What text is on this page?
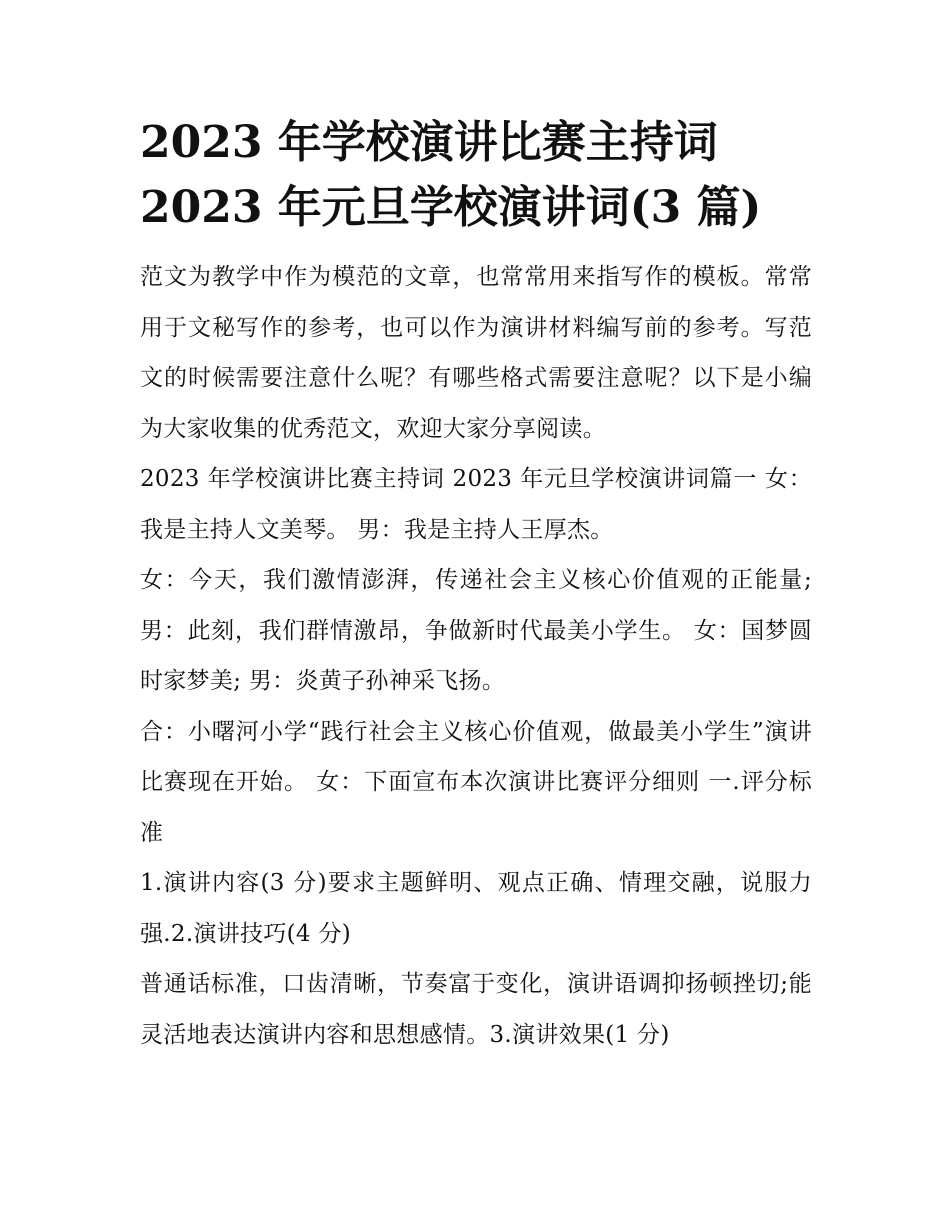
2023 年学校演讲比赛主持词
2023 年元旦学校演讲词(3 篇)

范文为教学中作为模范的文章，也常常用来指写作的模板。常常用于文秘写作的参考，也可以作为演讲材料编写前的参考。写范文的时候需要注意什么呢？有哪些格式需要注意呢？以下是小编为大家收集的优秀范文，欢迎大家分享阅读。

2023 年学校演讲比赛主持词 2023 年元旦学校演讲词篇一 女：我是主持人文美琴。 男：我是主持人王厚杰。

女：今天，我们激情澎湃，传递社会主义核心价值观的正能量; 男：此刻，我们群情激昂，争做新时代最美小学生。 女：国梦圆时家梦美; 男：炎黄子孙神采飞扬。

合：小曙河小学“践行社会主义核心价值观，做最美小学生”演讲比赛现在开始。 女：下面宣布本次演讲比赛评分细则 一.评分标准

1.演讲内容(3 分)要求主题鲜明、观点正确、情理交融，说服力强.2.演讲技巧(4 分)

普通话标准，口齿清晰，节奏富于变化，演讲语调抑扬顿挫切;能灵活地表达演讲内容和思想感情。3.演讲效果(1 分)
